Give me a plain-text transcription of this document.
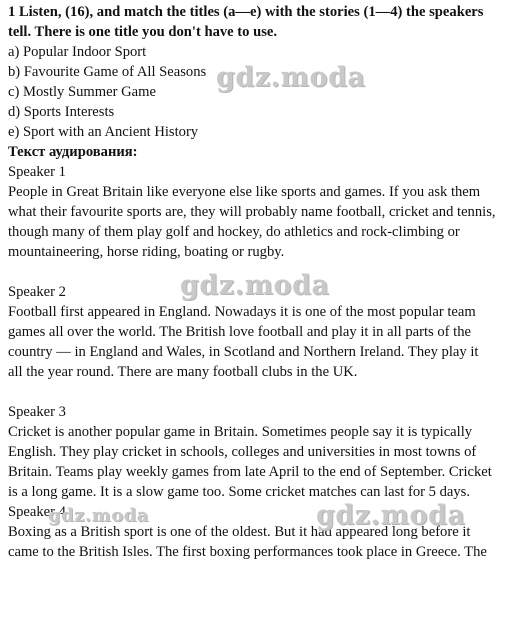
1 Listen, (16), and match the titles (a—e) with the stories (1—4) the speakers

tell. There is one title you don't have to use.

a) Popular Indoor Sport

b) Favourite Game of All Seasons

c) Mostly Summer Game

d) Sports Interests

e) Sport with an Ancient History

Текст аудирования:

Speaker 1

People in Great Britain like everyone else like sports and games. If you ask them

what their favourite sports are, they will probably name football, cricket and tennis,

though many of them play golf and hockey, do athletics and rock-climbing or

mountaineering, horse riding, boating or rugby.

Speaker 2

Football first appeared in England. Nowadays it is one of the most popular team

games all over the world. The British love football and play it in all parts of the

country — in England and Wales, in Scotland and Northern Ireland. They play it

all the year round. There are many football clubs in the UK.

Speaker 3

Cricket is another popular game in Britain. Sometimes people say it is typically

English. They play cricket in schools, colleges and universities in most towns of

Britain. Teams play weekly games from late April to the end of September. Cricket

is a long game. It is a slow game too. Some cricket matches can last for 5 days.

Speaker 4

Boxing as a British sport is one of the oldest. But it had appeared long before it

came to the British Isles. The first boxing performances took place in Greece. The

gdz.moda
gdz.moda
gdz.moda	gdz.moda
